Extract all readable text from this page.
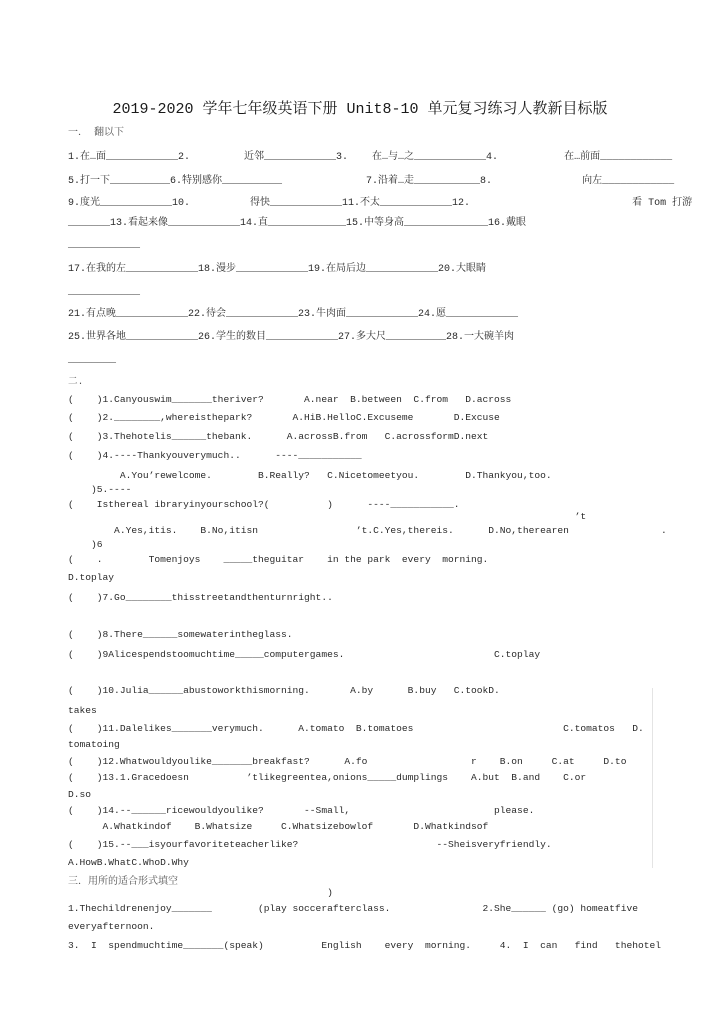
2019-2020 学年七年级英语下册 Unit8-10 单元复习练习人教新目标版
一． 翻以下
1.在…面____________2.         近邻____________3.    在…与…之____________4.           在…前面____________
5.打一下__________6.特别感你__________              7.沿着…走___________8.               向左____________
9.度光____________10.          得快____________11.不太____________12.                           看 Tom 打游
_______13.看起来像____________14.直_____________15.中等身高______________16.戴眼
____________
17.在我的左____________18.漫步____________19.在局后边____________20.大眼睛
____________
21.有点晚____________22.待会____________23.牛肉面____________24.愿____________
25.世界各地____________26.学生的数目____________27.多大尺__________28.一大碗羊肉
________
二.
(    )1.Canyouswim_______theriver?       A.near  B.between  C.from   D.across
(    )2.________,whereisthepark?       A.HiB.HelloC.Excuseme       D.Excuse
(    )3.Thehotelis______thebank.      A.acrossB.from   C.acrossformD.next
(    )4.----Thankyouverymuch..      ----___________
A.You’rewelcome.        B.Really?   C.Nicetomeetyou.        D.Thankyou,too.
)5.----
(    Isthereal ibraryinyourschool?(          )      ----___________.
’t
A.Yes,itis.    B.No,itisn                 ’t.C.Yes,thereis.      D.No,therearen                .
)6
(    .        Tomenjoys    _____theguitar    in the park  every  morning.
D.toplay
(    )7.Go________thisstreetandthenturnright..
(    )8.There______somewaterintheglass.
(    )9Alicespendstoomuchtime_____computergames.                          C.toplay
(    )10.Julia______abustoworkthismorning.       A.by      B.buy   C.tookD.
takes
(    )11.Dalelikes_______verymuch.      A.tomato  B.tomatoes                          C.tomatos   D.
tomatoing
(    )12.Whatwouldyoulike_______breakfast?      A.fo                  r    B.on     C.at     D.to
(    )13.1.Gracedoesn          ’tlikegreentea,onions_____dumplings    A.but  B.and    C.or
D.so
(    )14.--______ricewouldyoulike?       --Small,                         please.
A.Whatkindof    B.Whatsize     C.Whatsizebowlof       D.Whatkindsof
(    )15.--___isyourfavoriteteacherlike?                        --Sheisveryfriendly.
A.HowB.WhatC.WhoD.Why
三．用所的适合形式填空
)
1.Thechildrenenjoy_______        (play soccerafterclass.                2.She______ (go) homeatfive
everyafternoon.
3.  I  spendmuchtime_______(speak)          English    every  morning.     4.  I  can   find   thehotel
